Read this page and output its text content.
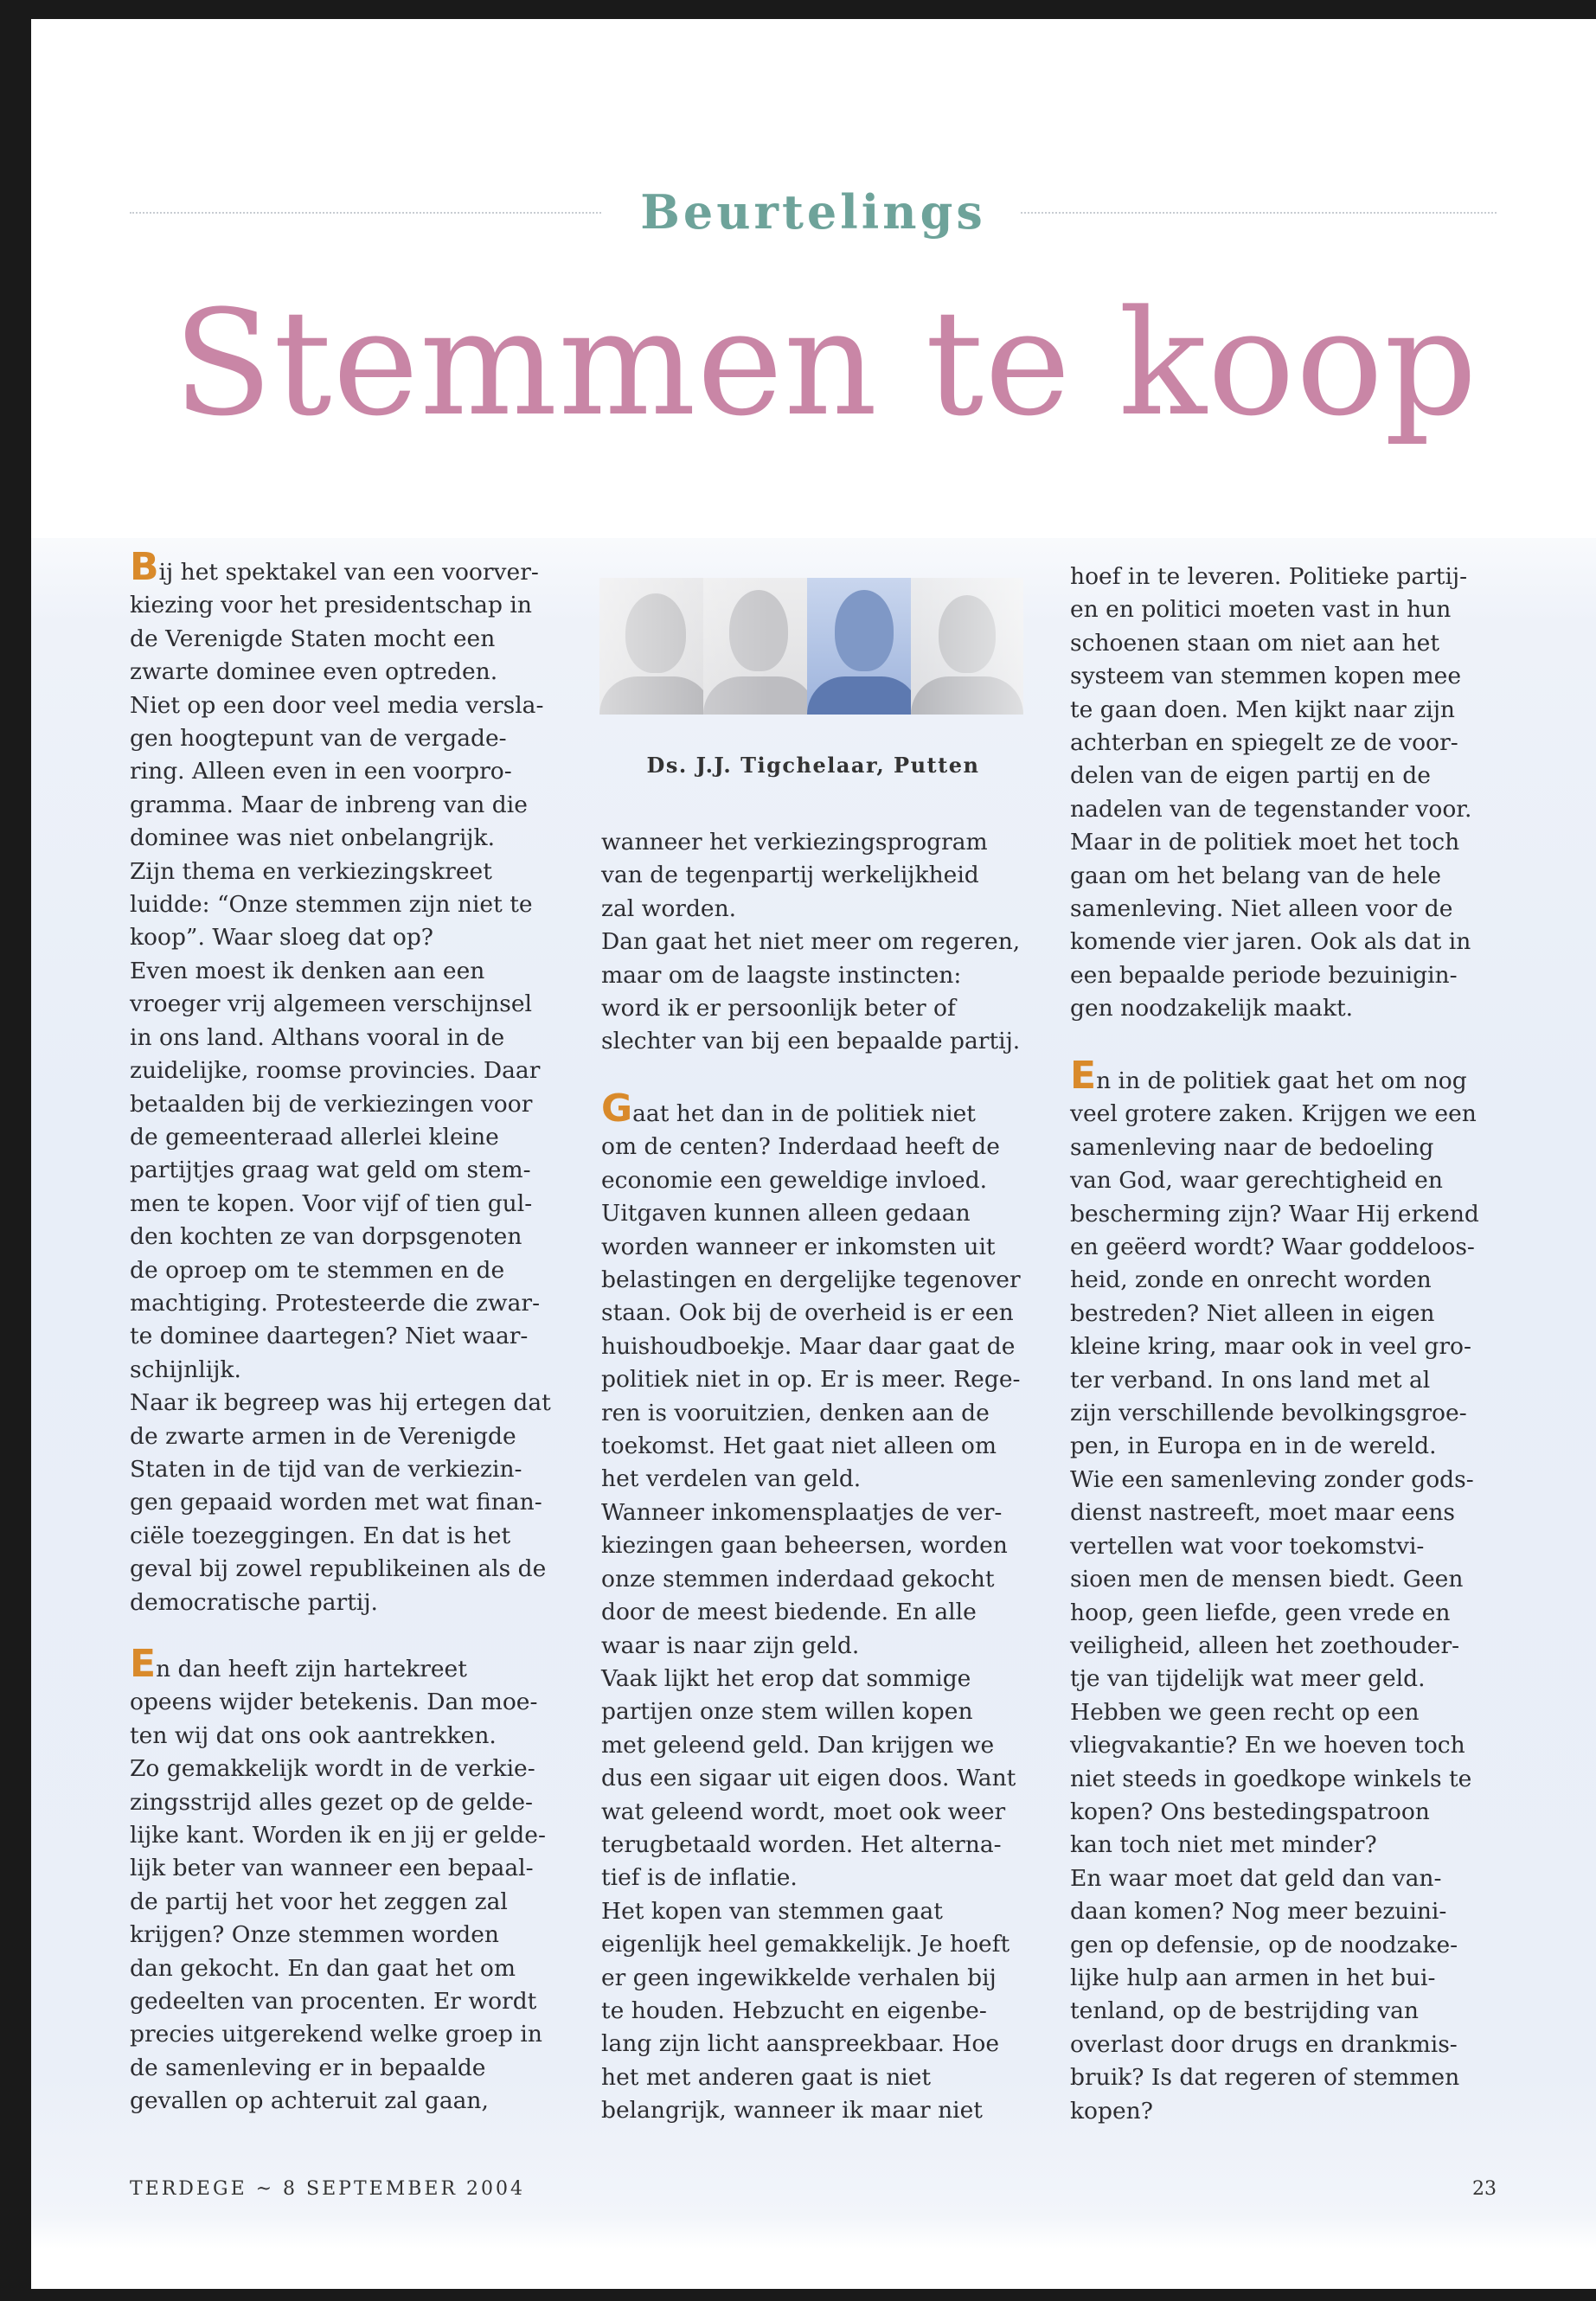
Beurtelings
Stemmen te koop
Bij het spektakel van een voorver-
kiezing voor het presidentschap in
de Verenigde Staten mocht een
zwarte dominee even optreden.
Niet op een door veel media versla-
gen hoogtepunt van de vergade-
ring. Alleen even in een voorpro-
gramma. Maar de inbreng van die
dominee was niet onbelangrijk.
Zijn thema en verkiezingskreet
luidde: “Onze stemmen zijn niet te
koop”. Waar sloeg dat op?
Even moest ik denken aan een
vroeger vrij algemeen verschijnsel
in ons land. Althans vooral in de
zuidelijke, roomse provincies. Daar
betaalden bij de verkiezingen voor
de gemeenteraad allerlei kleine
partijtjes graag wat geld om stem-
men te kopen. Voor vijf of tien gul-
den kochten ze van dorpsgenoten
de oproep om te stemmen en de
machtiging. Protesteerde die zwar-
te dominee daartegen? Niet waar-
schijnlijk.
Naar ik begreep was hij ertegen dat
de zwarte armen in de Verenigde
Staten in de tijd van de verkiezin-
gen gepaaid worden met wat finan-
ciële toezeggingen. En dat is het
geval bij zowel republikeinen als de
democratische partij.
En dan heeft zijn hartekreet
opeens wijder betekenis. Dan moe-
ten wij dat ons ook aantrekken.
Zo gemakkelijk wordt in de verkie-
zingsstrijd alles gezet op de gelde-
lijke kant. Worden ik en jij er gelde-
lijk beter van wanneer een bepaal-
de partij het voor het zeggen zal
krijgen? Onze stemmen worden
dan gekocht. En dan gaat het om
gedeelten van procenten. Er wordt
precies uitgerekend welke groep in
de samenleving er in bepaalde
gevallen op achteruit zal gaan,
Ds. J.J. Tigchelaar, Putten
wanneer het verkiezingsprogram
van de tegenpartij werkelijkheid
zal worden.
Dan gaat het niet meer om regeren,
maar om de laagste instincten:
word ik er persoonlijk beter of
slechter van bij een bepaalde partij.
Gaat het dan in de politiek niet
om de centen? Inderdaad heeft de
economie een geweldige invloed.
Uitgaven kunnen alleen gedaan
worden wanneer er inkomsten uit
belastingen en dergelijke tegenover
staan. Ook bij de overheid is er een
huishoudboekje. Maar daar gaat de
politiek niet in op. Er is meer. Rege-
ren is vooruitzien, denken aan de
toekomst. Het gaat niet alleen om
het verdelen van geld.
Wanneer inkomensplaatjes de ver-
kiezingen gaan beheersen, worden
onze stemmen inderdaad gekocht
door de meest biedende. En alle
waar is naar zijn geld.
Vaak lijkt het erop dat sommige
partijen onze stem willen kopen
met geleend geld. Dan krijgen we
dus een sigaar uit eigen doos. Want
wat geleend wordt, moet ook weer
terugbetaald worden. Het alterna-
tief is de inflatie.
Het kopen van stemmen gaat
eigenlijk heel gemakkelijk. Je hoeft
er geen ingewikkelde verhalen bij
te houden. Hebzucht en eigenbe-
lang zijn licht aanspreekbaar. Hoe
het met anderen gaat is niet
belangrijk, wanneer ik maar niet
hoef in te leveren. Politieke partij-
en en politici moeten vast in hun
schoenen staan om niet aan het
systeem van stemmen kopen mee
te gaan doen. Men kijkt naar zijn
achterban en spiegelt ze de voor-
delen van de eigen partij en de
nadelen van de tegenstander voor.
Maar in de politiek moet het toch
gaan om het belang van de hele
samenleving. Niet alleen voor de
komende vier jaren. Ook als dat in
een bepaalde periode bezuinigin-
gen noodzakelijk maakt.
En in de politiek gaat het om nog
veel grotere zaken. Krijgen we een
samenleving naar de bedoeling
van God, waar gerechtigheid en
bescherming zijn? Waar Hij erkend
en geëerd wordt? Waar goddeloos-
heid, zonde en onrecht worden
bestreden? Niet alleen in eigen
kleine kring, maar ook in veel gro-
ter verband. In ons land met al
zijn verschillende bevolkingsgroe-
pen, in Europa en in de wereld.
Wie een samenleving zonder gods-
dienst nastreeft, moet maar eens
vertellen wat voor toekomstvi-
sioen men de mensen biedt. Geen
hoop, geen liefde, geen vrede en
veiligheid, alleen het zoethouder-
tje van tijdelijk wat meer geld.
Hebben we geen recht op een
vliegvakantie? En we hoeven toch
niet steeds in goedkope winkels te
kopen? Ons bestedingspatroon
kan toch niet met minder?
En waar moet dat geld dan van-
daan komen? Nog meer bezuini-
gen op defensie, op de noodzake-
lijke hulp aan armen in het bui-
tenland, op de bestrijding van
overlast door drugs en drankmis-
bruik? Is dat regeren of stemmen
kopen?
TERDEGE ~ 8 SEPTEMBER 2004	23
